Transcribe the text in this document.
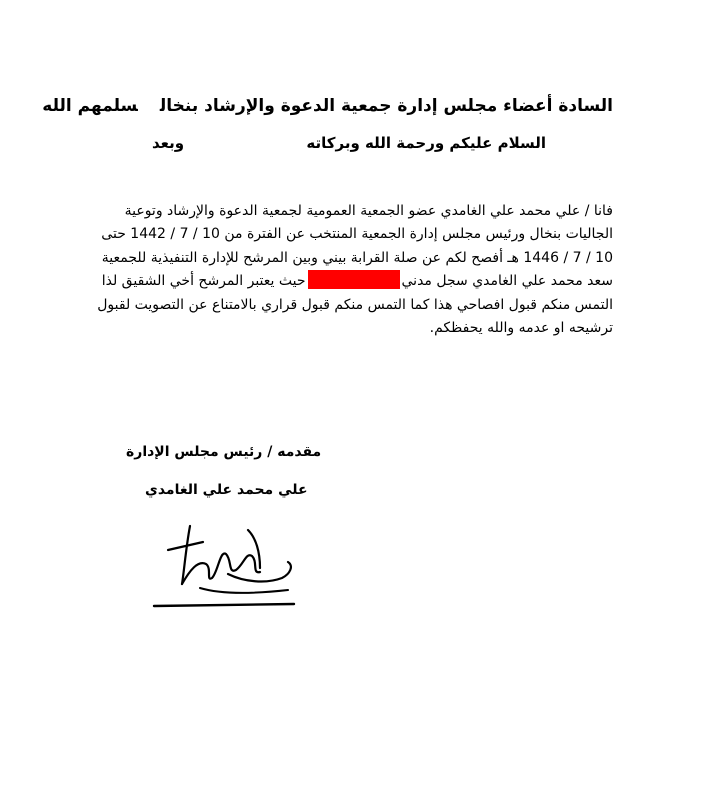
السادة أعضاء مجلس إدارة جمعية الدعوة والإرشاد بنخالسلمهم الله
السلام عليكم ورحمة الله وبركاته
وبعد

فانا / علي محمد علي الغامدي عضو الجمعية العمومية لجمعية الدعوة والإرشاد وتوعية

الجاليات بنخال ورئيس مجلس إدارة الجمعية المنتخب عن الفترة من 10 / 7 / 1442 حتى

10 / 7 / 1446 هـ أفصح لكم عن صلة القرابة بيني وبين المرشح للإدارة التنفيذية للجمعية

سعد محمد علي الغامدي سجل مدنيحيث يعتبر المرشح أخي الشقيق لذا

التمس منكم قبول افصاحي هذا كما التمس منكم قبول قراري بالامتناع عن التصويت لقبول

ترشيحه او عدمه والله يحفظكم.

مقدمه / رئيس مجلس الإدارة
علي محمد علي الغامدي
